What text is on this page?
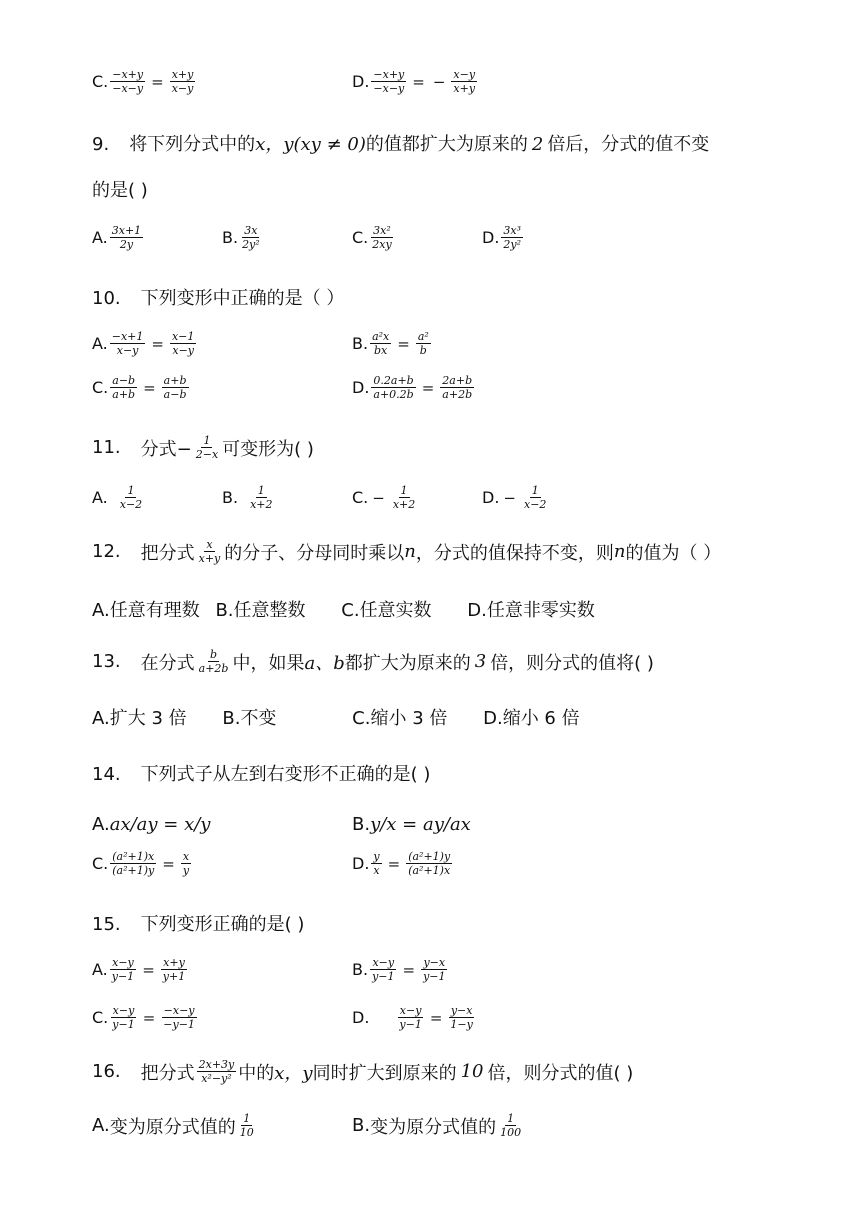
C. $\frac{-x+y}{-x-y} = \frac{x+y}{x-y}$	D. $\frac{-x+y}{-x-y}$ = − $\frac{x-y}{x+y}$
9. 将下列分式中的x，y(xy ≠ 0)的值都扩大为原来的 2 倍后，分式的值不变
的是( )
A. $\frac{3x+1}{2y}$	B. $\frac{3x}{\text{2y²}}$	C. $\frac{\text{3x²}}{2xy}$	D. $\frac{\text{3x³}}{\text{2y²}}$
10. 下列变形中正确的是（ ）
A. $\frac{-x+1}{x-y} = \frac{x-1}{x-y}$	B. $\frac{\text{a²x}}{bx} = \frac{\text{a²}}{b}$
C. $\frac{a-b}{a+b} = \frac{a+b}{a-b}$	D. $\frac{0.2a+b}{a+0.2b} = \frac{2a+b}{a+2b}$
11. 分式− $\frac{1}{2-x}$ 可变形为( )
A. $\frac{1}{x-2}$	B. $\frac{1}{x+2}$	C. − $\frac{1}{x+2}$	D. − $\frac{1}{x-2}$
12. 把分式 $\frac{x}{x+y}$ 的分子、分母同时乘以 n ，分式的值保持不变，则 n 的值为（ ）
A.任意有理数 B.任意整数 C.任意实数 D.任意非零实数
13. 在分式 $\frac{b}{a+2b}$ 中，如果 a、b 都扩大为原来的 3 倍，则分式的值将( )
A.扩大 3 倍 B.不变	C.缩小 3 倍 D.缩小 6 倍
14. 下列式子从左到右变形不正确的是( )
A.ax/ay = x/y	B.y/x = ay/ax
C. $\frac{\text{(a²+1)x}}{\text{(a²+1)y}} = \frac{x}{y}$	D. $\frac{y}{x} = \frac{\text{(a²+1)y}}{\text{(a²+1)x}}$
15. 下列变形正确的是( )
A. $\frac{x-y}{y-1} = \frac{x+y}{y+1}$	B. $\frac{x-y}{y-1} = \frac{y-x}{y-1}$
C. $\frac{x-y}{y-1} = \frac{-x-y}{-y-1}$	D.	$\frac{x-y}{y-1} = \frac{y-x}{1-y}$
16. 把分式 $\frac{2x+3y}{\text{x²−y²}}$ 中的 x，y 同时扩大到原来的 10 倍，则分式的值( )
A. 变为原分式值的 $\frac{1}{10}$	B. 变为原分式值的 $\frac{1}{100}$
